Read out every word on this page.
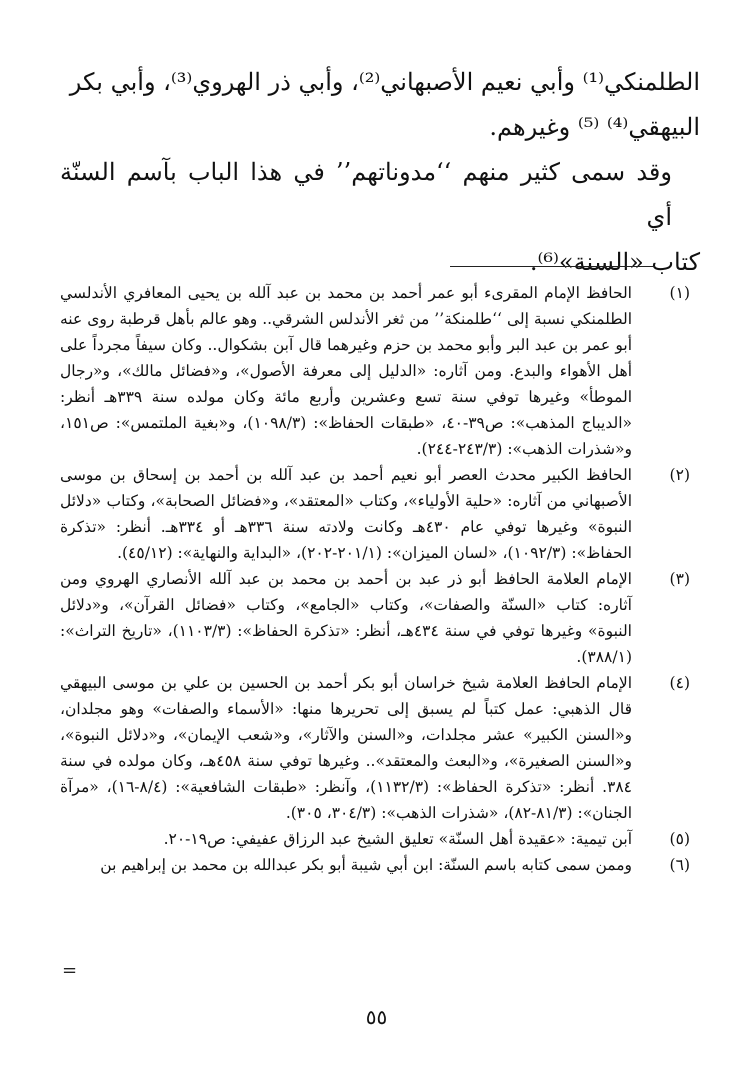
الطلمنكي⁽¹⁾ وأبي نعيم الأصبهاني⁽²⁾، وأبي ذر الهروي⁽³⁾، وأبي بكر

البيهقي⁽⁴⁾ ⁽⁵⁾ وغيرهم.

وقد سمى كثير منهم ‘‘مدوناتهم’’ في هذا الباب بآسم السنّة أي

كتاب «السنة»⁽⁶⁾.

(١)
الحافظ الإمام المقرىء أبو عمر أحمد بن محمد بن عبد آلله بن يحيى المعافري الأندلسي الطلمنكي نسبة إلى ‘‘طلمنكة’’ من ثغر الأندلس الشرقي.. وهو عالم بأهل قرطبة روى عنه أبو عمر بن عبد البر وأبو محمد بن حزم وغيرهما قال آبن بشكوال.. وكان سيفاً مجرداً على أهل الأهواء والبدع. ومن آثاره: «الدليل إلى معرفة الأصول»، و«فضائل مالك»، و«رجال الموطأ» وغيرها توفي سنة تسع وعشرين وأربع مائة وكان مولده سنة ٣٣٩هـ أنظر: «الديباج المذهب»: ص٣٩-٤٠، «طبقات الحفاظ»: (١٠٩٨/٣)، و«بغية الملتمس»: ص١٥١، و«شذرات الذهب»: (٢٤٣/٣-٢٤٤).
(٢)
الحافظ الكبير محدث العصر أبو نعيم أحمد بن عبد آلله بن أحمد بن إسحاق بن موسى الأصبهاني من آثاره: «حلية الأولياء»، وكتاب «المعتقد»، و«فضائل الصحابة»، وكتاب «دلائل النبوة» وغيرها توفي عام ٤٣٠هـ وكانت ولادته سنة ٣٣٦هـ أو ٣٣٤هـ. أنظر: «تذكرة الحفاظ»: (١٠٩٢/٣)، «لسان الميزان»: (٢٠١/١-٢٠٢)، «البداية والنهاية»: (٤٥/١٢).
(٣)
الإمام العلامة الحافظ أبو ذر عبد بن أحمد بن محمد بن عبد آلله الأنصاري الهروي ومن آثاره: كتاب «السنّة والصفات»، وكتاب «الجامع»، وكتاب «فضائل القرآن»، و«دلائل النبوة» وغيرها توفي في سنة ٤٣٤هـ، أنظر: «تذكرة الحفاظ»: (١١٠٣/٣)، «تاريخ التراث»: (٣٨٨/١).
(٤)
الإمام الحافظ العلامة شيخ خراسان أبو بكر أحمد بن الحسين بن علي بن موسى البيهقي قال الذهبي: عمل كتباً لم يسبق إلى تحريرها منها: «الأسماء والصفات» وهو مجلدان، و«السنن الكبير» عشر مجلدات، و«السنن والآثار»، و«شعب الإيمان»، و«دلائل النبوة»، و«السنن الصغيرة»، و«البعث والمعتقد».. وغيرها توفي سنة ٤٥٨هـ، وكان مولده في سنة ٣٨٤. أنظر: «تذكرة الحفاظ»: (١١٣٢/٣)، وآنظر: «طبقات الشافعية»: (٨/٤-١٦)، «مرآة الجنان»: (٨١/٣-٨٢)، «شذرات الذهب»: (٣٠٤/٣، ٣٠٥).
(٥)
آبن تيمية: «عقيدة أهل السنّة» تعليق الشيخ عبد الرزاق عفيفي: ص١٩-٢٠.
(٦)
وممن سمى كتابه باسم السنّة: ابن أبي شيبة أبو بكر عبدالله بن محمد بن إبراهيم بن
=
٥٥
